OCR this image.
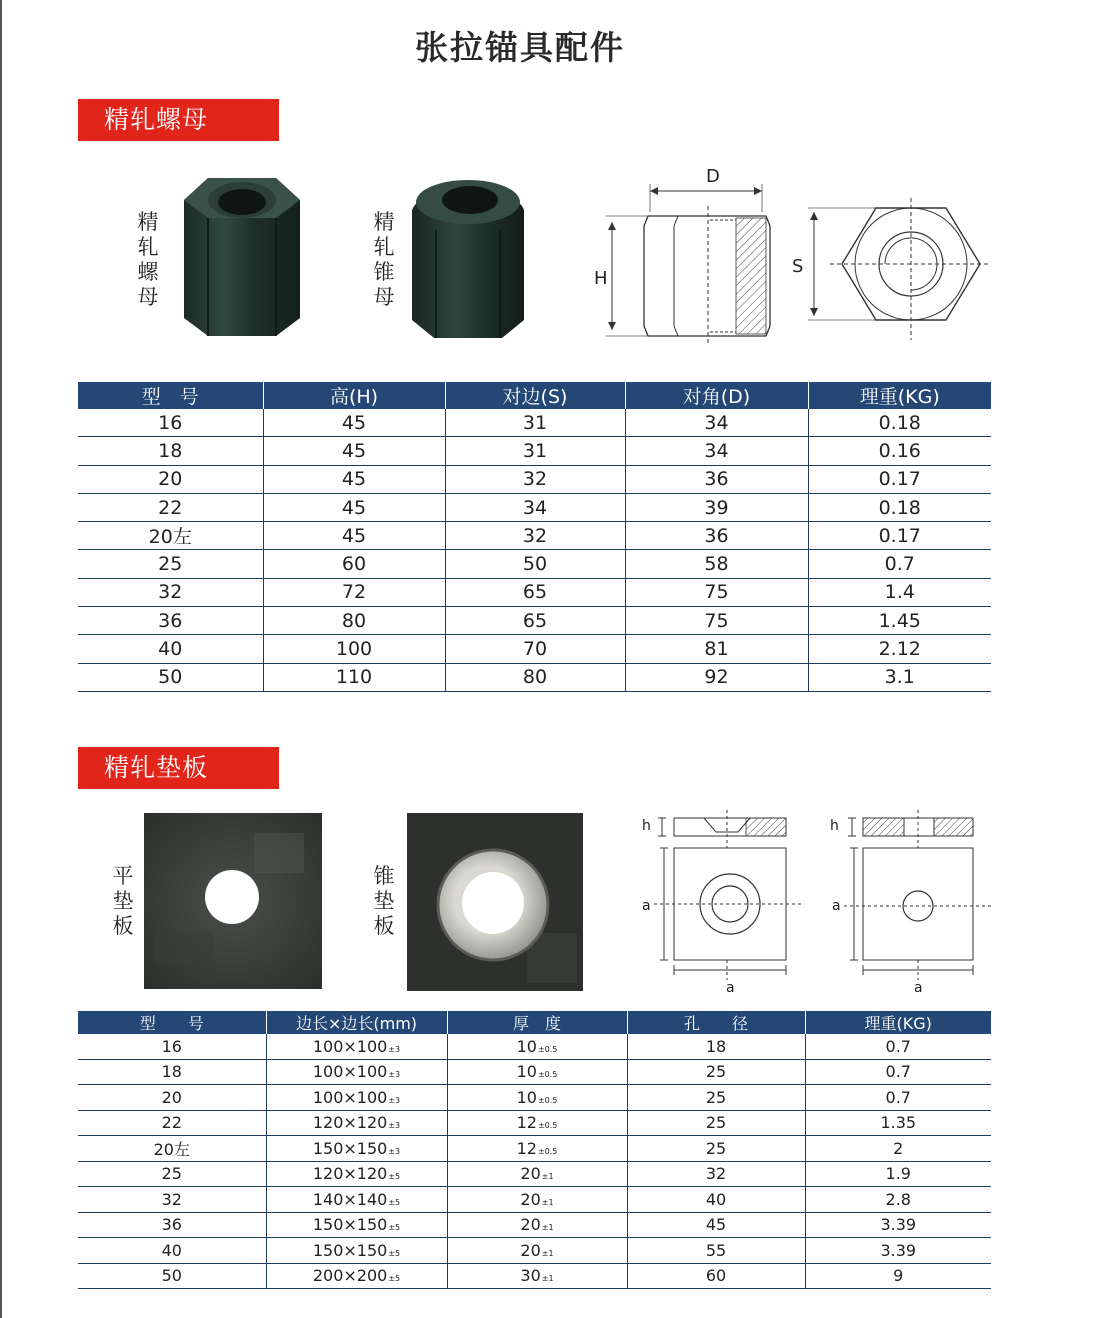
张拉锚具配件
精轧螺母
精
轧
螺
母
精
轧
锥
母
D
H
S
型　号	高(H)	对边(S)	对角(D)	理重(KG)
16	45	31	34	0.18
18	45	31	34	0.16
20	45	32	36	0.17
22	45	34	39	0.18
20左	45	32	36	0.17
25	60	50	58	0.7
32	72	65	75	1.4
36	80	65	75	1.45
40	100	70	81	2.12
50	110	80	92	3.1
精轧垫板
平
垫
板
锥
垫
板
h
a
a
h
a
a
型　　号	边长×边长(mm)	厚　度	孔　　径	理重(KG)
16	100×100±3	10±0.5	18	0.7
18	100×100±3	10±0.5	25	0.7
20	100×100±3	10±0.5	25	0.7
22	120×120±3	12±0.5	25	1.35
20左	150×150±3	12±0.5	25	2
25	120×120±5	20±1	32	1.9
32	140×140±5	20±1	40	2.8
36	150×150±5	20±1	45	3.39
40	150×150±5	20±1	55	3.39
50	200×200±5	30±1	60	9
